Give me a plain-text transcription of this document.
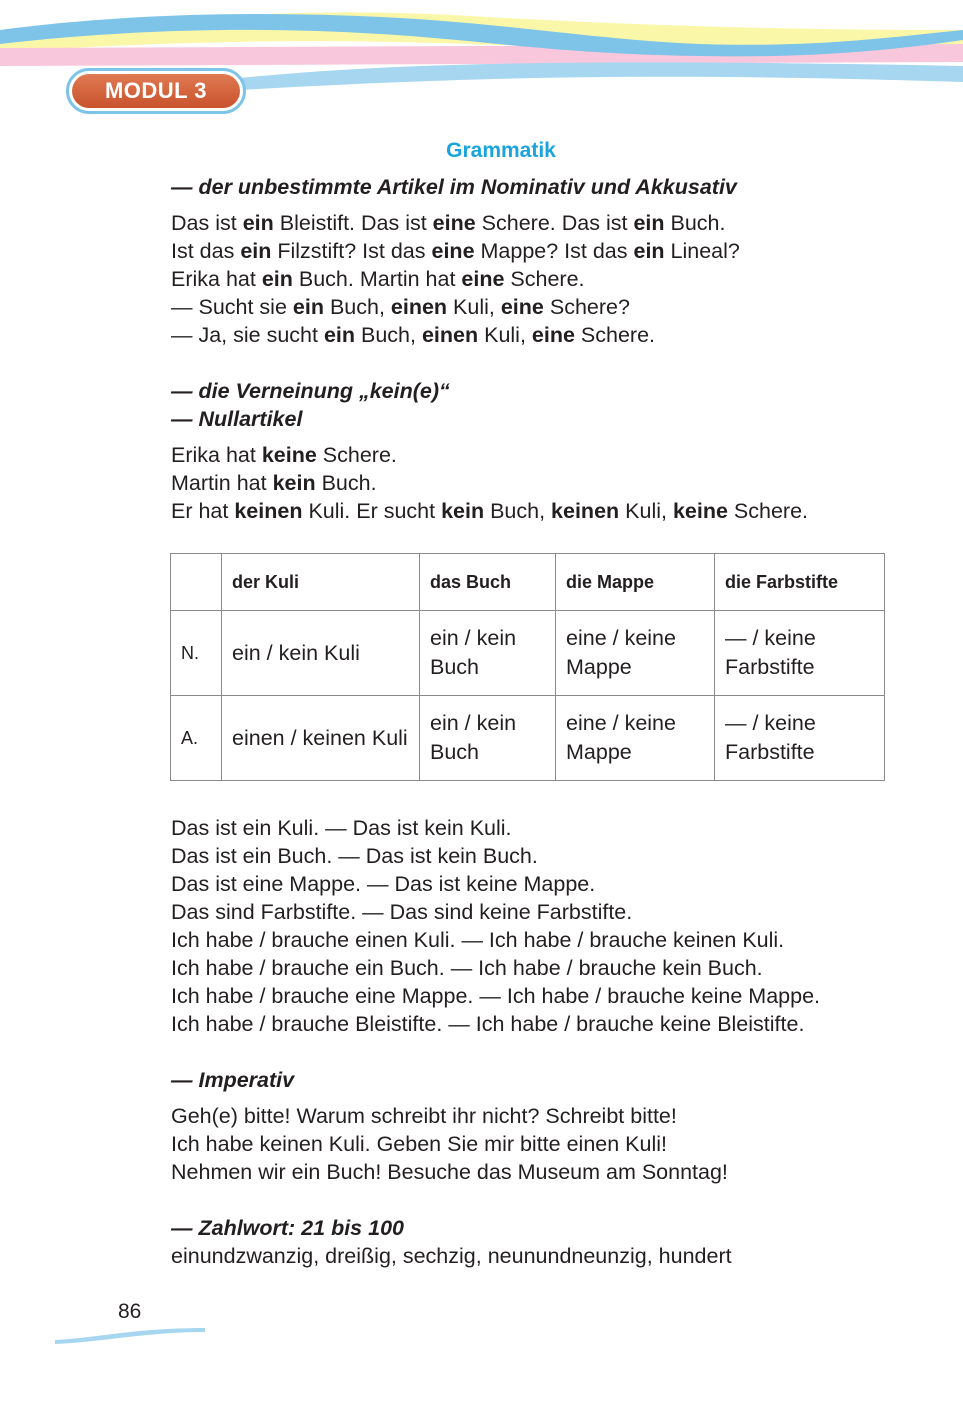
MODUL 3
Grammatik
— der unbestimmte Artikel im Nominativ und Akkusativ
Das ist ein Bleistift. Das ist eine Schere. Das ist ein Buch.
Ist das ein Filzstift? Ist das eine Mappe? Ist das ein Lineal?
Erika hat ein Buch. Martin hat eine Schere.
— Sucht sie ein Buch, einen Kuli, eine Schere?
— Ja, sie sucht ein Buch, einen Kuli, eine Schere.
— die Verneinung „kein(e)“
— Nullartikel
Erika hat keine Schere.
Martin hat kein Buch.
Er hat keinen Kuli. Er sucht kein Buch, keinen Kuli, keine Schere.
Das ist ein Kuli. — Das ist kein Kuli.
Das ist ein Buch. — Das ist kein Buch.
Das ist eine Mappe. — Das ist keine Mappe.
Das sind Farbstifte. — Das sind keine Farbstifte.
Ich habe / brauche einen Kuli. — Ich habe / brauche keinen Kuli.
Ich habe / brauche ein Buch. — Ich habe / brauche kein Buch.
Ich habe / brauche eine Mappe. — Ich habe / brauche keine Mappe.
Ich habe / brauche Bleistifte. — Ich habe / brauche keine Bleistifte.
— Imperativ
Geh(e) bitte! Warum schreibt ihr nicht? Schreibt bitte!
Ich habe keinen Kuli. Geben Sie mir bitte einen Kuli!
Nehmen wir ein Buch! Besuche das Museum am Sonntag!
— Zahlwort: 21 bis 100
einundzwanzig, dreißig, sechzig, neunundneunzig, hundert
	der Kuli	das Buch	die Mappe	die Farbstifte
N.	ein / kein Kuli	ein / kein Buch	eine / keine Mappe	— / keine Farbstifte
A.	einen / keinen Kuli	ein / kein Buch	eine / keine Mappe	— / keine Farbstifte
86
